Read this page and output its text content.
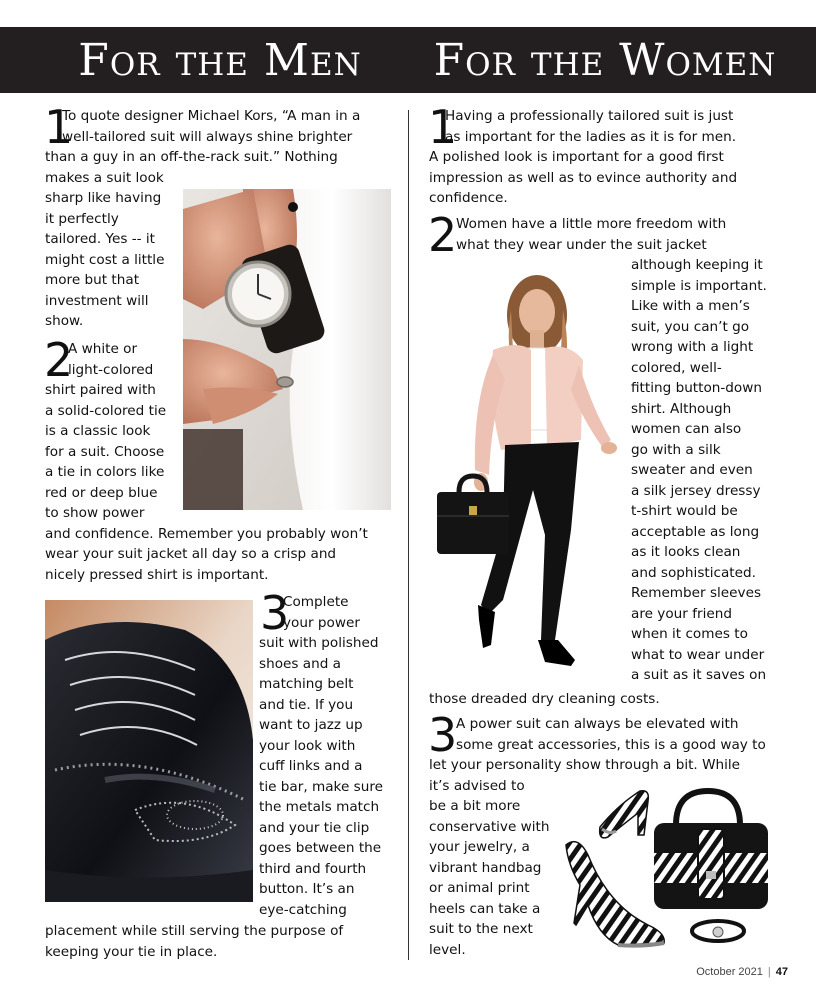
For the Men	For the Women
1
To quote designer Michael Kors, “A man in a
well-tailored suit will always shine brighter
than a guy in an off-the-rack suit.” Nothing
makes a suit look
sharp like having
it perfectly
tailored. Yes -- it
might cost a little
more but that
investment will
show.
2
A white or
light-colored
shirt paired with
a solid-colored tie
is a classic look
for a suit. Choose
a tie in colors like
red or deep blue
to show power
and confidence. Remember you probably won’t
wear your suit jacket all day so a crisp and
nicely pressed shirt is important.
3
Complete
your power
suit with polished
shoes and a
matching belt
and tie. If you
want to jazz up
your look with
cuff links and a
tie bar, make sure
the metals match
and your tie clip
goes between the
third and fourth
button. It’s an
eye-catching
placement while still serving the purpose of
keeping your tie in place.
1
Having a professionally tailored suit is just
as important for the ladies as it is for men.
A polished look is important for a good first
impression as well as to evince authority and
confidence.
2
Women have a little more freedom with
what they wear under the suit jacket
although keeping it
simple is important.
Like with a men’s
suit, you can’t go
wrong with a light
colored, well-
fitting button-down
shirt. Although
women can also
go with a silk
sweater and even
a silk jersey dressy
t-shirt would be
acceptable as long
as it looks clean
and sophisticated.
Remember sleeves
are your friend
when it comes to
what to wear under
a suit as it saves on
those dreaded dry cleaning costs.
3
A power suit can always be elevated with
some great accessories, this is a good way to
let your personality show through a bit. While
it’s advised to
be a bit more
conservative with
your jewelry, a
vibrant handbag
or animal print
heels can take a
suit to the next
level.
October 2021 | 47
